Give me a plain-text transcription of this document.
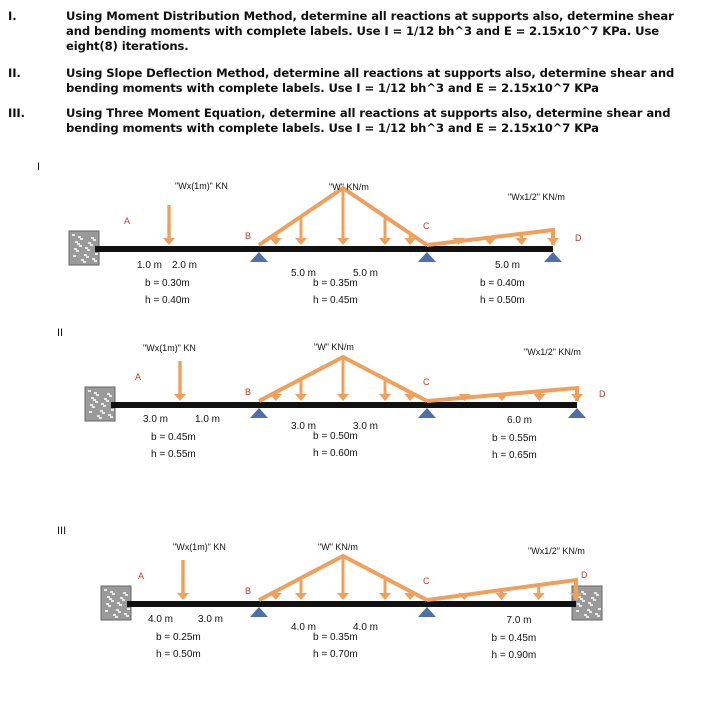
I.	Using Moment Distribution Method, determine all reactions at supports also, determine shear and bending moments with complete labels. Use I = 1/12 bh^3 and E = 2.15x10^7 KPa. Use eight(8) iterations.
II.	Using Slope Deflection Method, determine all reactions at supports also, determine shear and bending moments with complete labels. Use I = 1/12 bh^3 and E = 2.15x10^7 KPa
III.	Using Three Moment Equation, determine all reactions at supports also, determine shear and bending moments with complete labels. Use I = 1/12 bh^3 and E = 2.15x10^7 KPa
I
A
B
C
D
"Wx(1m)" KN	"W" KN/m
"Wx1/2" KN/m
1.0 m 2.0 m
b = 0.30m
h = 0.40m
5.0 m	5.0 m
b = 0.35m
h = 0.45m
5.0 m
b = 0.40m
h = 0.50m
II
A
B
C
D
"Wx(1m)" KN	"W" KN/m	"Wx1/2" KN/m
3.0 m	1.0 m
b = 0.45m
h = 0.55m
3.0 m	3.0 m
b = 0.50m
h = 0.60m
6.0 m
b = 0.55m
h = 0.65m
III
A
B
C
D
"Wx(1m)" KN	"W" KN/m	"Wx1/2" KN/m
4.0 m 3.0 m
b = 0.25m
h = 0.50m
4.0 m	4.0 m
b = 0.35m
h = 0.70m
7.0 m
b = 0.45m
h = 0.90m
